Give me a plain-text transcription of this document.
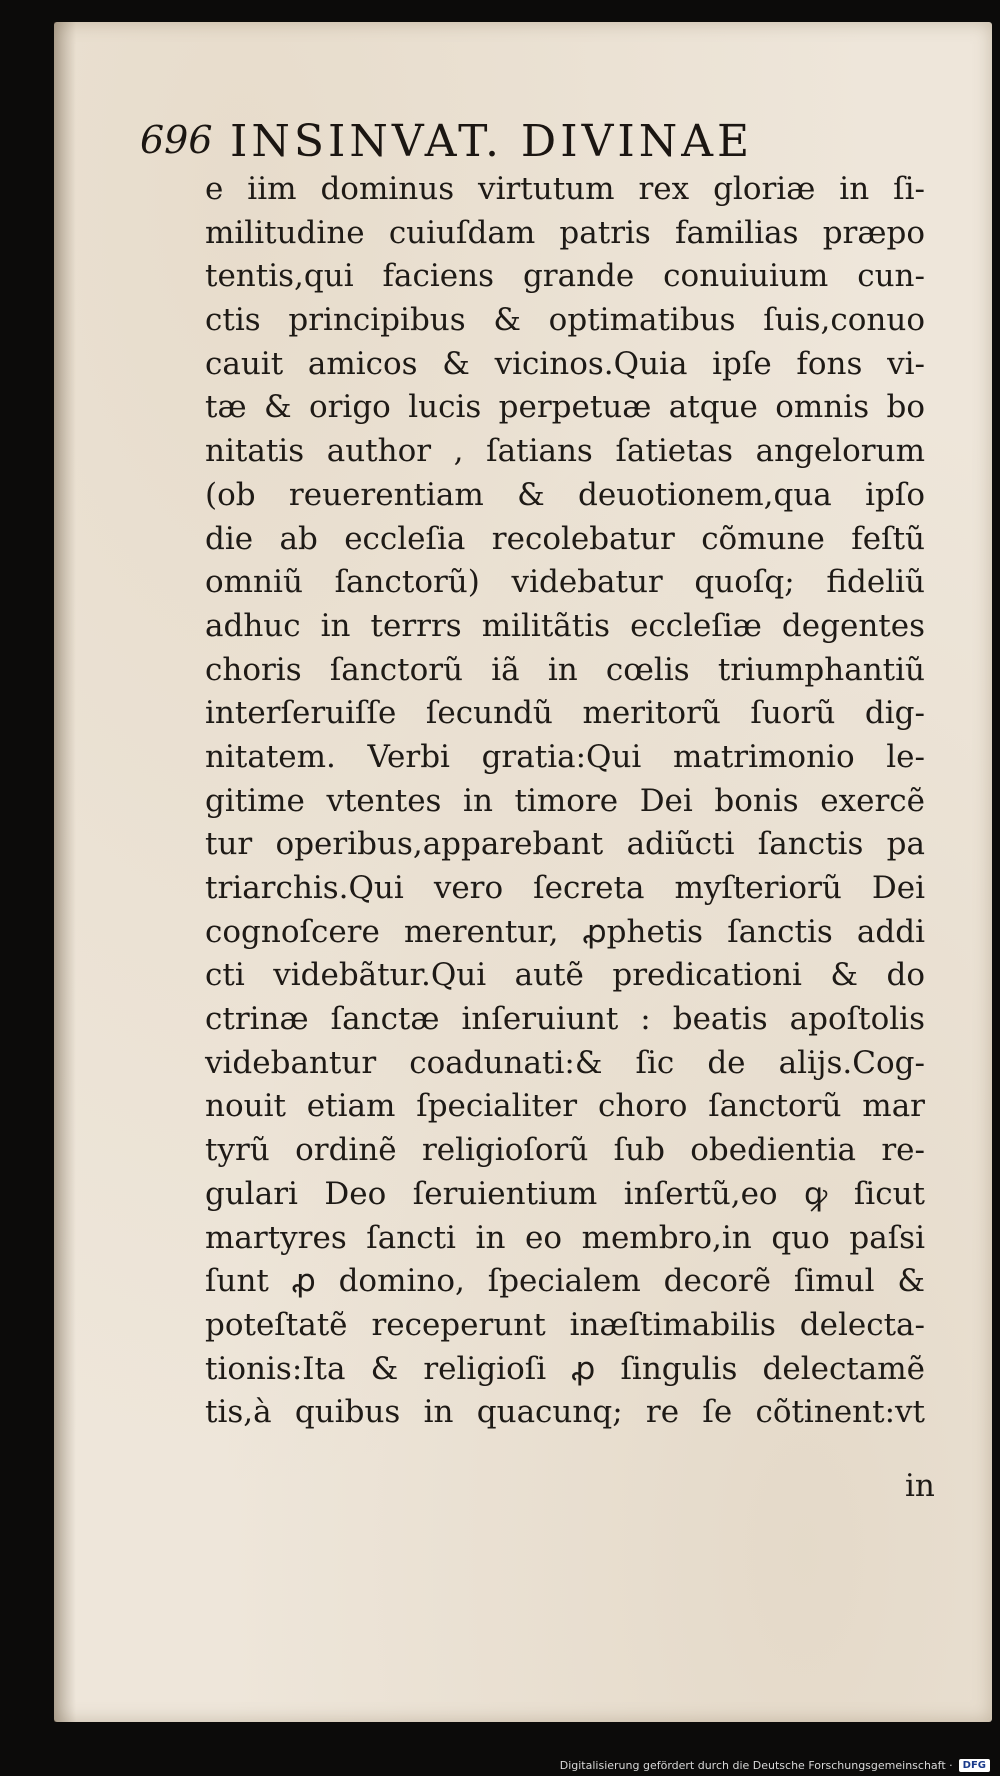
696 INSINVAT. DIVINAE
e iim dominus virtutum rex gloriæ in ſi-
militudine cuiuſdam patris familias præpo
tentis,qui faciens grande conuiuium cun-
ctis principibus & optimatibus ſuis,conuo
cauit amicos & vicinos.Quia ipſe fons vi-
tæ & origo lucis perpetuæ atque omnis bo
nitatis author , ſatians ſatietas angelorum
(ob reuerentiam & deuotionem,qua ipſo
die ab eccleſia recolebatur cõmune feſtũ
omniũ ſanctorũ) videbatur quoſq; fideliũ
adhuc in terrrs militãtis eccleſiæ degentes
choris ſanctorũ iã in cœlis triumphantiũ
interſeruiſſe ſecundũ meritorũ ſuorũ dig-
nitatem. Verbi gratia:Qui matrimonio le-
gitime vtentes in timore Dei bonis exercẽ
tur operibus,apparebant adiũcti ſanctis pa
triarchis.Qui vero ſecreta myſteriorũ Dei
cognoſcere merentur, ꝓphetis ſanctis addi
cti videbãtur.Qui autẽ predicationi & do
ctrinæ ſanctæ inſeruiunt : beatis apoſtolis
videbantur coadunati:& ſic de alijs.Cog-
nouit etiam ſpecialiter choro ſanctorũ mar
tyrũ ordinẽ religioſorũ ſub obedientia re-
gulari Deo ſeruientium inſertũ,eo ꝙ ſicut
martyres ſancti in eo membro,in quo paſsi
ſunt ꝓ domino, ſpecialem decorẽ ſimul &
poteſtatẽ receperunt inæſtimabilis delecta-
tionis:Ita & religioſi ꝓ ſingulis delectamẽ
tis,à quibus in quacunq; re ſe cõtinent:vt
in
Digitalisierung gefördert durch die Deutsche Forschungsgemeinschaft ·	DFG
